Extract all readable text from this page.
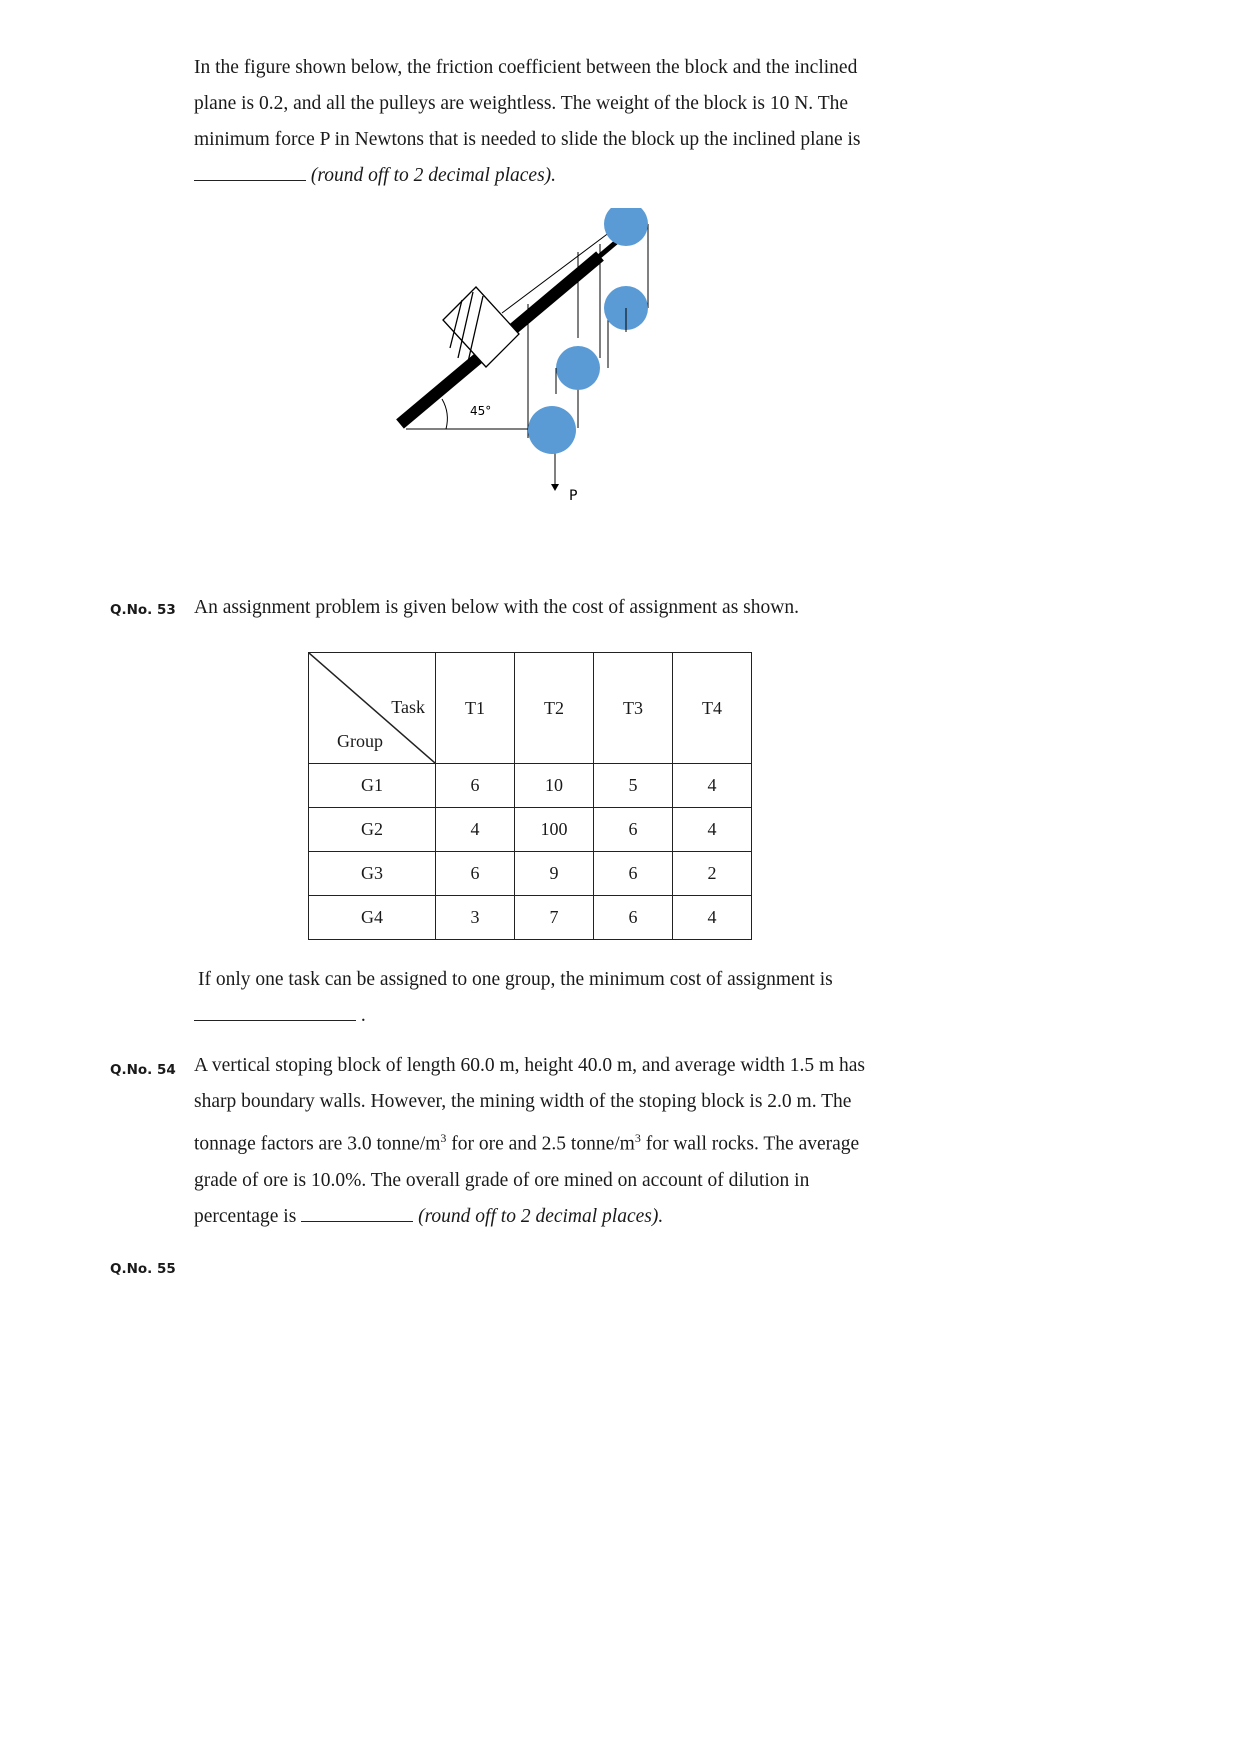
In the figure shown below, the friction coefficient between the block and the inclined

plane is 0.2, and all the pulleys are weightless. The weight of the block is 10 N. The

minimum force P in Newtons that is needed to slide the block up the inclined plane is

(round off to 2 decimal places).

45°
P
Q.No. 53 An assignment problem is given below with the cost of assignment as shown.

Task
Group	T1	T2	T3	T4
G1	6	10	5	4
G2	4	100	6	4
G3	6	9	6	2
G4	3	7	6	4

If only one task can be assigned to one group, the minimum cost of assignment is

.

Q.No. 54 A vertical stoping block of length 60.0 m, height 40.0 m, and average width 1.5 m has

sharp boundary walls. However, the mining width of the stoping block is 2.0 m. The

tonnage factors are 3.0 tonne/$m^3$ for ore and 2.5 tonne/$m^3$ for wall rocks. The average

grade of ore is 10.0%. The overall grade of ore mined on account of dilution in

percentage is	(round off to 2 decimal places).

Q.No. 55
